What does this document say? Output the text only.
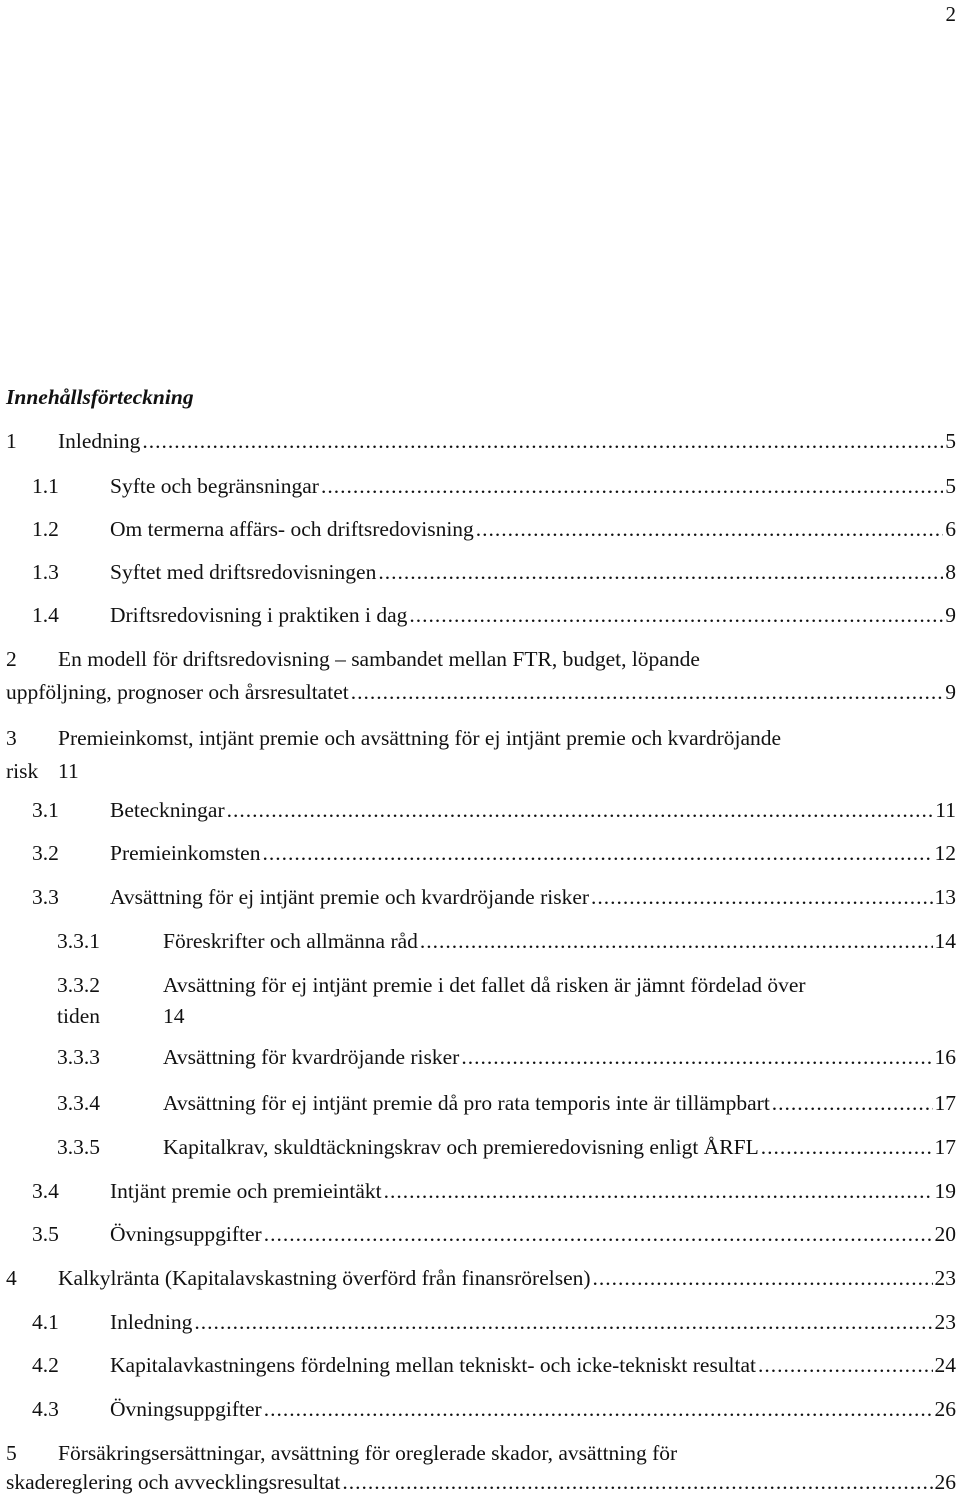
2
Innehållsförteckning
1 Inledning .....	5
1.1 Syfte och begränsningar .....	5
1.2 Om termerna affärs- och driftsredovisning .....	6
1.3 Syftet med driftsredovisningen .....	8
1.4 Driftsredovisning i praktiken i dag .....	9
2 En modell för driftsredovisning – sambandet mellan FTR, budget, löpande
uppföljning, prognoser och årsresultatet .....	9
3 Premieinkomst, intjänt premie och avsättning för ej intjänt premie och kvardröjande
risk 11
3.1 Beteckningar .....	11
3.2 Premieinkomsten .....	12
3.3 Avsättning för ej intjänt premie och kvardröjande risker .....	13
3.3.1	Föreskrifter och allmänna råd .....	14
3.3.2	Avsättning för ej intjänt premie i det fallet då risken är jämnt fördelad över
tiden	14
3.3.3	Avsättning för kvardröjande risker .....	16
3.3.4	Avsättning för ej intjänt premie då pro rata temporis inte är tillämpbart .....	17
3.3.5	Kapitalkrav, skuldtäckningskrav och premieredovisning enligt ÅRFL .....	17
3.4 Intjänt premie och premieintäkt .....	19
3.5 Övningsuppgifter .....	20
4 Kalkylränta (Kapitalavskastning överförd från finansrörelsen) .....	23
4.1 Inledning .....	23
4.2 Kapitalavkastningens fördelning mellan tekniskt- och icke-tekniskt resultat .....	24
4.3 Övningsuppgifter .....	26
5 Försäkringsersättningar, avsättning för oreglerade skador, avsättning för
skadereglering och avvecklingsresultat .....	26
